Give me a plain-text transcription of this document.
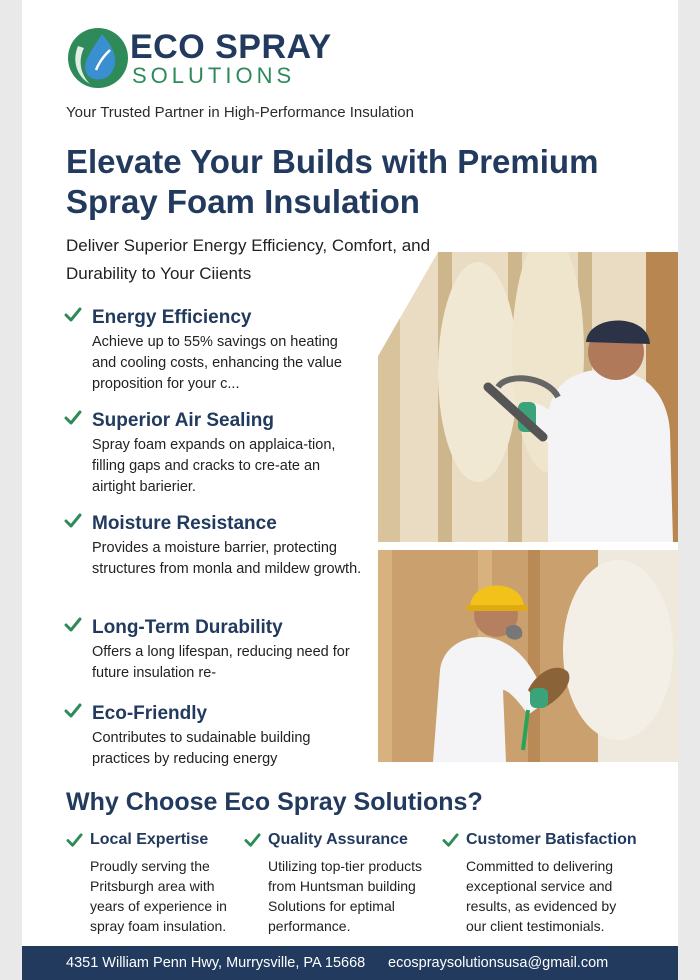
ECO SPRAY
SOLUTIONS
Your Trusted Partner in High-Performance Insulation
Elevate Your Builds with Premium Spray Foam Insulation
Deliver Superior Energy Efficiency, Comfort, and Durability to Your Ciients
Energy Efficiency
Achieve up to 55% savings on heating and cooling costs, enhancing the value proposition for your c...
Superior Air Sealing
Spray foam expands on applaica-tion, filling gaps and cracks to cre-ate an airtight barierier.
Moisture Resistance
Provides a moisture barrier, protecting structures from monla and mildew growth.
Long-Term Durability
Offers a long lifespan, reducing need for future insulation re-
Eco-Friendly
Contributes to sudainable building practices by reducing energy
Why Choose Eco Spray Solutions?
Local Expertise
Proudly serving the Pritsburgh area with years of experience in spray foam insulation.
Quality Assurance
Utilizing top-tier products from Huntsman building Solutions for eptimal performance.
Customer Batisfaction
Committed to delivering exceptional service and results, as evidenced by our client testimonials.
4351 William Penn Hwy, Murrysville, PA 15668 ecospraysolutionsusa@gmail.com
